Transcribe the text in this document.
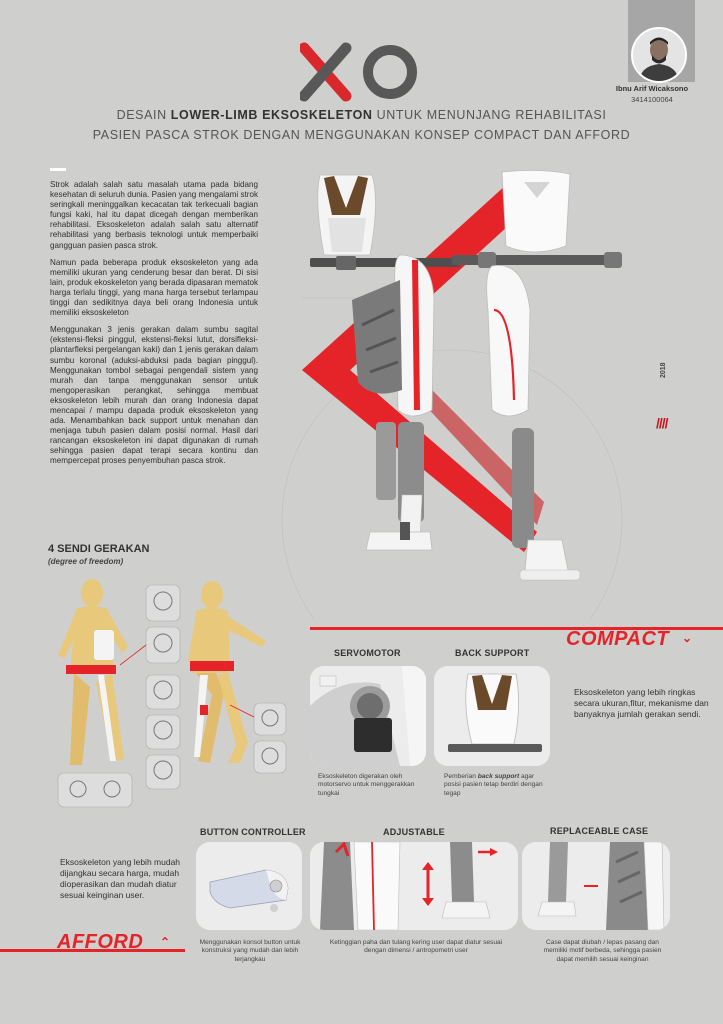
DESAIN LOWER-LIMB EKSOSKELETON UNTUK MENUNJANG REHABILITASI
PASIEN PASCA STROK DENGAN MENGGUNAKAN KONSEP COMPACT DAN AFFORD
Ibnu Arif Wicaksono
3414100064

Strok adalah salah satu masalah utama pada bidang kesehatan di seluruh dunia. Pasien yang mengalami strok seringkali meninggalkan kecacatan tak terkecuali bagian fungsi kaki, hal itu dapat dicegah dengan memberikan rehabilitasi. Eksoskeleton adalah salah satu alternatif rehabilitasi yang berbasis teknologi untuk memperbaiki gangguan pasien pasca strok.

Namun pada beberapa produk eksoskeleton yang ada memiliki ukuran yang cenderung besar dan berat. Di sisi lain, produk ekoskeleton yang berada dipasaran mematok harga terlalu tinggi, yang mana harga tersebut terlampau tinggi dan sedikitnya daya beli orang Indonesia untuk memiliki eksoskeleton

Menggunakan 3 jenis gerakan dalam sumbu sagital (ekstensi-fleksi pinggul, ekstensi-fleksi lutut, dorsifleksi-plantarfleksi pergelangan kaki) dan 1 jenis gerakan dalam sumbu koronal (aduksi-abduksi pada bagian pinggul). Menggunakan tombol sebagai pengendali sistem yang murah dan tanpa menggunakan sensor untuk mengoperasikan perangkat, sehingga membuat eksoskeleton lebih murah dan orang Indonesia dapat mencapai / mampu dapada produk eksoskeleton yang ada. Menambahkan back support untuk menahan dan menjaga tubuh pasien dalam posisi normal. Hasil dari rancangan eksoskeleton ini dapat digunakan di rumah sehingga pasien dapat terapi secara kontinu dan mempercepat proses penyembuhan pasca strok.

2018
////
4 SENDI GERAKAN
(degree of freedom)
COMPACT ⌄
Eksoskeleton yang lebih ringkas secara ukuran,fitur, mekanisme dan banyaknya jumlah gerakan sendi.
SERVOMOTOR
Eksoskeleton digerakan oleh motorservo untuk menggerakkan tungkai
BACK SUPPORT
Pemberian back support agar posisi pasien tetap berdiri dengan tegap
BUTTON CONTROLLER	ADJUSTABLE	REPLACEABLE CASE
Menggunakan konsol button untuk konstruksi yang mudah dan lebih terjangkau
Ketinggian paha dan tulang kering user dapat diatur sesuai dengan dimensi / antropometri user
Case dapat diubah / lepas pasang dan memiliki motif berbeda, sehingga pasien dapat memilih sesuai keinginan
Eksoskeleton yang lebih mudah dijangkau secara harga, mudah dioperasikan dan mudah diatur sesuai keinginan user.
AFFORD ⌃
